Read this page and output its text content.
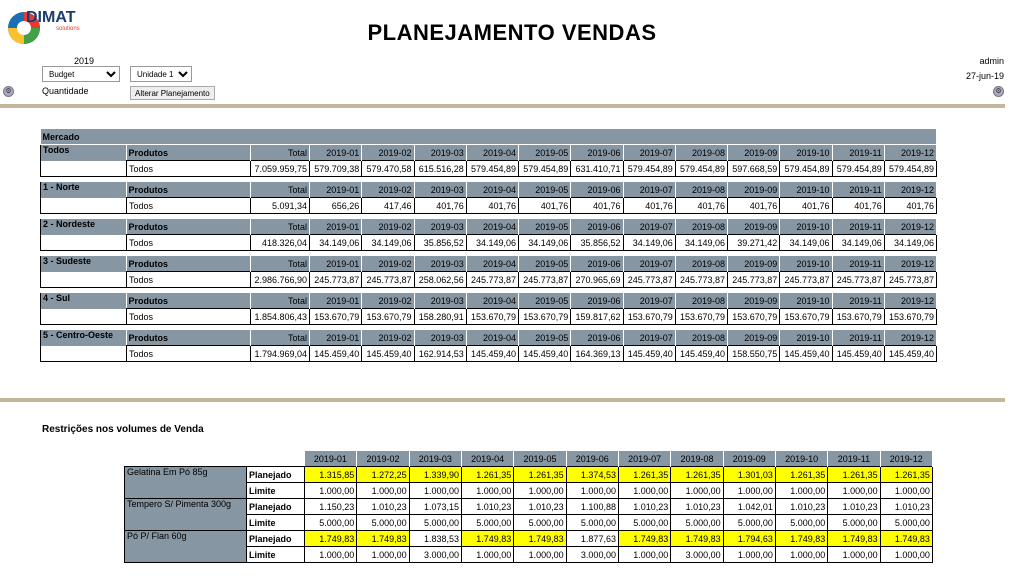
DIMAT
solutions	PLANEJAMENTO VENDAS
2019
Budget
Unidade 1
Quantidade	Alterar Planejamento
⚙
admin
27-jun-19
⚙
Mercado														
Todos	Produtos	Total	2019-01	2019-02	2019-03	2019-04	2019-05	2019-06	2019-07	2019-08	2019-09	2019-10	2019-11	2019-12
	Todos	7.059.959,75	579.709,38	579.470,58	615.516,28	579.454,89	579.454,89	631.410,71	579.454,89	579.454,89	597.668,59	579.454,89	579.454,89	579.454,89

1 - Norte	Produtos	Total	2019-01	2019-02	2019-03	2019-04	2019-05	2019-06	2019-07	2019-08	2019-09	2019-10	2019-11	2019-12
	Todos	5.091,34	656,26	417,46	401,76	401,76	401,76	401,76	401,76	401,76	401,76	401,76	401,76	401,76

2 - Nordeste	Produtos	Total	2019-01	2019-02	2019-03	2019-04	2019-05	2019-06	2019-07	2019-08	2019-09	2019-10	2019-11	2019-12
	Todos	418.326,04	34.149,06	34.149,06	35.856,52	34.149,06	34.149,06	35.856,52	34.149,06	34.149,06	39.271,42	34.149,06	34.149,06	34.149,06

3 - Sudeste	Produtos	Total	2019-01	2019-02	2019-03	2019-04	2019-05	2019-06	2019-07	2019-08	2019-09	2019-10	2019-11	2019-12
	Todos	2.986.766,90	245.773,87	245.773,87	258.062,56	245.773,87	245.773,87	270.965,69	245.773,87	245.773,87	245.773,87	245.773,87	245.773,87	245.773,87

4 - Sul	Produtos	Total	2019-01	2019-02	2019-03	2019-04	2019-05	2019-06	2019-07	2019-08	2019-09	2019-10	2019-11	2019-12
	Todos	1.854.806,43	153.670,79	153.670,79	158.280,91	153.670,79	153.670,79	159.817,62	153.670,79	153.670,79	153.670,79	153.670,79	153.670,79	153.670,79

5 - Centro-Oeste	Produtos	Total	2019-01	2019-02	2019-03	2019-04	2019-05	2019-06	2019-07	2019-08	2019-09	2019-10	2019-11	2019-12
	Todos	1.794.969,04	145.459,40	145.459,40	162.914,53	145.459,40	145.459,40	164.369,13	145.459,40	145.459,40	158.550,75	145.459,40	145.459,40	145.459,40
Restrições nos volumes de Venda
		2019-01	2019-02	2019-03	2019-04	2019-05	2019-06	2019-07	2019-08	2019-09	2019-10	2019-11	2019-12
Gelatina Em Pó 85g	Planejado	1.315,85	1.272,25	1.339,90	1.261,35	1.261,35	1.374,53	1.261,35	1.261,35	1.301,03	1.261,35	1.261,35	1.261,35
	Limite	1.000,00	1.000,00	1.000,00	1.000,00	1.000,00	1.000,00	1.000,00	1.000,00	1.000,00	1.000,00	1.000,00	1.000,00
Tempero S/ Pimenta 300g	Planejado	1.150,23	1.010,23	1.073,15	1.010,23	1.010,23	1.100,88	1.010,23	1.010,23	1.042,01	1.010,23	1.010,23	1.010,23
	Limite	5.000,00	5.000,00	5.000,00	5.000,00	5.000,00	5.000,00	5.000,00	5.000,00	5.000,00	5.000,00	5.000,00	5.000,00
Pó P/ Flan 60g	Planejado	1.749,83	1.749,83	1.838,53	1.749,83	1.749,83	1.877,63	1.749,83	1.749,83	1.794,63	1.749,83	1.749,83	1.749,83
	Limite	1.000,00	1.000,00	3.000,00	1.000,00	1.000,00	3.000,00	1.000,00	3.000,00	1.000,00	1.000,00	1.000,00	1.000,00
